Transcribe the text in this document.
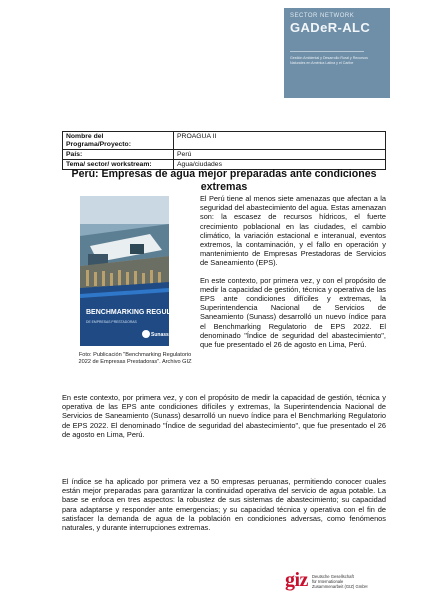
SECTOR NETWORK
GADeR-ALC
Gestión Ambiental y Desarrollo Rural y Recursos Naturales en América Latina y el Caribe
Nombre del Programa/Proyecto:	PROAGUA II
País:	Perú
Tema/ sector/ workstream:	Agua/ciudades
Perú: Empresas de agua mejor preparadas ante condiciones extremas
BENCHMARKING REGULATORIO 2022
DE EMPRESAS PRESTADORAS
Sunass
Foto: Publicación "Benchmarking Regulatorio 2022 de Empresas Prestadoras". Archivo GIZ

El Perú tiene al menos siete amenazas que afectan a la seguridad del abastecimiento del agua. Estas amenazan son: la escasez de recursos hídricos, el fuerte crecimiento poblacional en las ciudades, el cambio climático, la variación estacional e interanual, eventos extremos, la contaminación, y el fallo en operación y mantenimiento de Empresas Prestadoras de Servicios de Saneamiento (EPS).

En este contexto, por primera vez, y con el propósito de medir la capacidad de gestión, técnica y operativa de las EPS ante condiciones difíciles y extremas, la Superintendencia Nacional de Servicios de Saneamiento (Sunass) desarrolló un nuevo índice para el Benchmarking Regulatorio de EPS 2022. El denominado "Índice de seguridad del abastecimiento", que fue presentado el 26 de agosto en Lima, Perú.

En este contexto, por primera vez, y con el propósito de medir la capacidad de gestión, técnica y operativa de las EPS ante condiciones difíciles y extremas, la Superintendencia Nacional de Servicios de Saneamiento (Sunass) desarrolló un nuevo índice para el Benchmarking Regulatorio de EPS 2022. El denominado "Índice de seguridad del abastecimiento", que fue presentado el 26 de agosto en Lima, Perú.

El índice se ha aplicado por primera vez a 50 empresas peruanas, permitiendo conocer cuales están mejor preparadas para garantizar la continuidad operativa del servicio de agua potable. La base se enfoca en tres aspectos: la robustez de sus sistemas de abastecimiento; su capacidad para adaptarse y responder ante emergencias; y su capacidad técnica y operativa con el fin de satisfacer la demanda de agua de la población en condiciones adversas, como fenómenos naturales, y durante interrupciones extremas.

giz Deutsche Gesellschaft
für Internationale
Zusammenarbeit (GIZ) GmbH
